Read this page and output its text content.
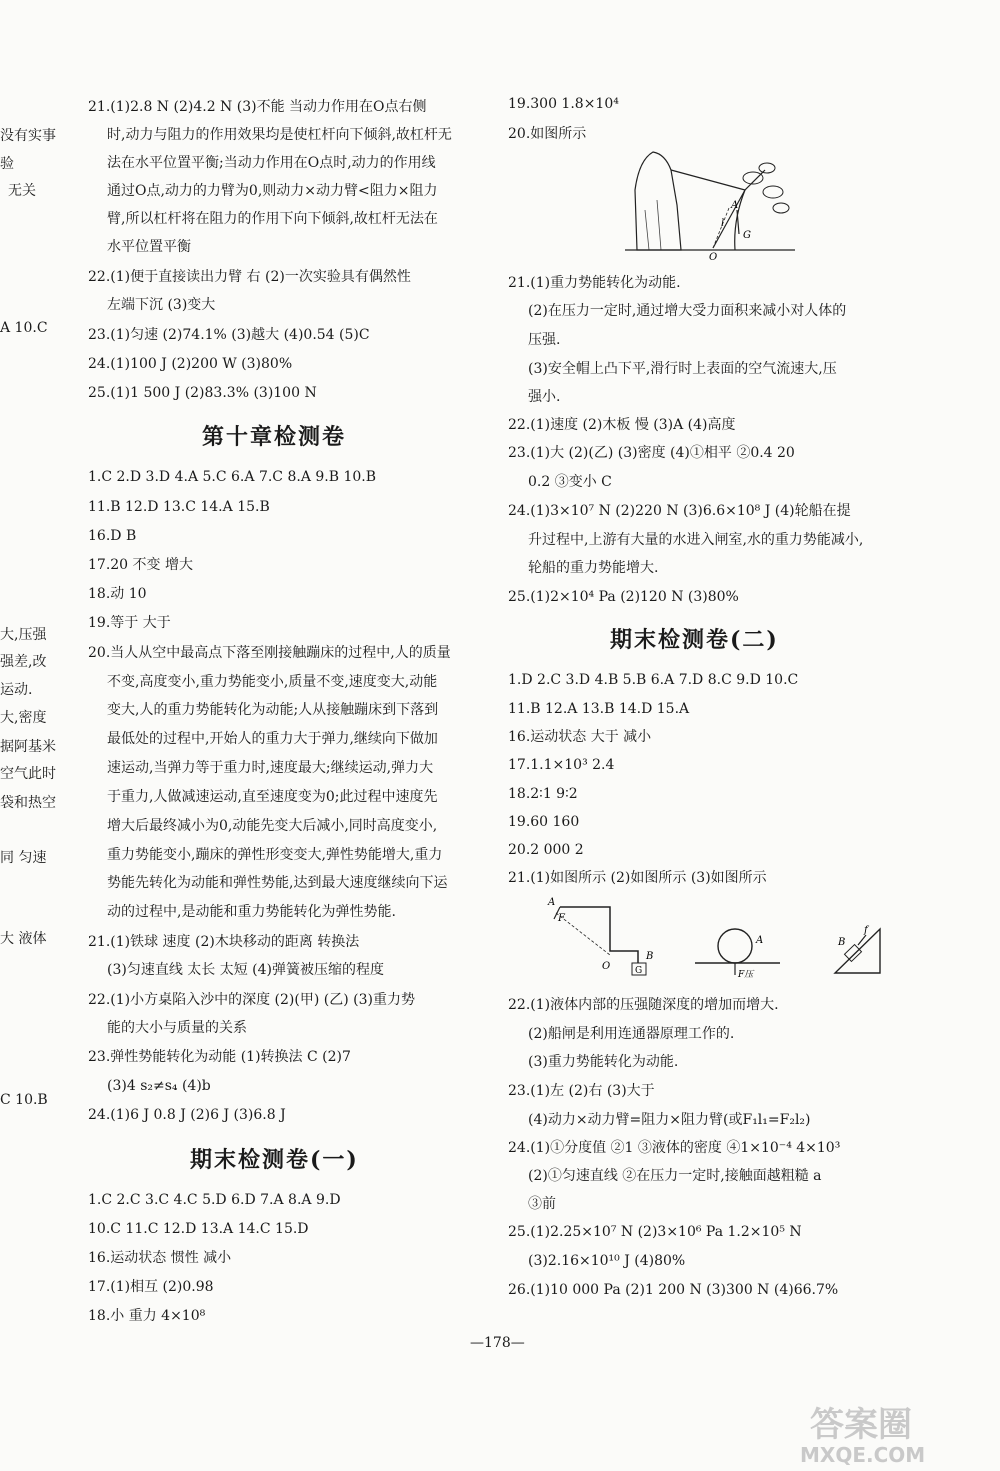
没有实事
验
无关
A 10.C
大,压强
强差,改
运动.
大,密度
据阿基米
空气此时
袋和热空
同 匀速
大 液体
C 10.B
21.(1)2.8 N (2)4.2 N (3)不能 当动力作用在O点右侧
时,动力与阻力的作用效果均是使杠杆向下倾斜,故杠杆无
法在水平位置平衡;当动力作用在O点时,动力的作用线
通过O点,动力的力臂为0,则动力×动力臂<阻力×阻力
臂,所以杠杆将在阻力的作用下向下倾斜,故杠杆无法在
水平位置平衡
22.(1)便于直接读出力臂 右 (2)一次实验具有偶然性
左端下沉 (3)变大
23.(1)匀速 (2)74.1% (3)越大 (4)0.54 (5)C
24.(1)100 J (2)200 W (3)80%
25.(1)1 500 J (2)83.3% (3)100 N
第十章检测卷
1.C 2.D 3.D 4.A 5.C 6.A 7.C 8.A 9.B 10.B
11.B 12.D 13.C 14.A 15.B
16.D B
17.20 不变 增大
18.动 10
19.等于 大于
20.当人从空中最高点下落至刚接触蹦床的过程中,人的质量
不变,高度变小,重力势能变小,质量不变,速度变大,动能
变大,人的重力势能转化为动能;人从接触蹦床到下落到
最低处的过程中,开始人的重力大于弹力,继续向下做加
速运动,当弹力等于重力时,速度最大;继续运动,弹力大
于重力,人做减速运动,直至速度变为0;此过程中速度先
增大后最终减小为0,动能先变大后减小,同时高度变小,
重力势能变小,蹦床的弹性形变变大,弹性势能增大,重力
势能先转化为动能和弹性势能,达到最大速度继续向下运
动的过程中,是动能和重力势能转化为弹性势能.
21.(1)铁球 速度 (2)木块移动的距离 转换法
(3)匀速直线 太长 太短 (4)弹簧被压缩的程度
22.(1)小方桌陷入沙中的深度 (2)(甲) (乙) (3)重力势
能的大小与质量的关系
23.弹性势能转化为动能 (1)转换法 C (2)7
(3)4 s₂≠s₄ (4)b
24.(1)6 J 0.8 J (2)6 J (3)6.8 J
期末检测卷(一)
1.C 2.C 3.C 4.C 5.D 6.D 7.A 8.A 9.D
10.C 11.C 12.D 13.A 14.C 15.D
16.运动状态 惯性 减小
17.(1)相互 (2)0.98
18.小 重力 4×10⁸
19.300 1.8×10⁴
20.如图所示
l
A
G
O
21.(1)重力势能转化为动能.
(2)在压力一定时,通过增大受力面积来减小对人体的
压强.
(3)安全帽上凸下平,滑行时上表面的空气流速大,压
强小.
22.(1)速度 (2)木板 慢 (3)A (4)高度
23.(1)大 (2)(乙) (3)密度 (4)①相平 ②0.4 20
0.2 ③变小 C
24.(1)3×10⁷ N (2)220 N (3)6.6×10⁸ J (4)轮船在提
升过程中,上游有大量的水进入闸室,水的重力势能减小,
轮船的重力势能增大.
25.(1)2×10⁴ Pa (2)120 N (3)80%
期末检测卷(二)
1.D 2.C 3.D 4.B 5.B 6.A 7.D 8.C 9.D 10.C
11.B 12.A 13.B 14.D 15.A
16.运动状态 大于 减小
17.1.1×10³ 2.4
18.2∶1 9∶2
19.60 160
20.2 000 2
21.(1)如图所示 (2)如图所示 (3)如图所示
A
F
O
B
G
A
F压
B
f
22.(1)液体内部的压强随深度的增加而增大.
(2)船闸是利用连通器原理工作的.
(3)重力势能转化为动能.
23.(1)左 (2)右 (3)大于
(4)动力×动力臂=阻力×阻力臂(或F₁l₁=F₂l₂)
24.(1)①分度值 ②1 ③液体的密度 ④1×10⁻⁴ 4×10³
(2)①匀速直线 ②在压力一定时,接触面越粗糙 a
③前
25.(1)2.25×10⁷ N (2)3×10⁶ Pa 1.2×10⁵ N
(3)2.16×10¹⁰ J (4)80%
26.(1)10 000 Pa (2)1 200 N (3)300 N (4)66.7%
—178—
答案圈
MXQE.COM
